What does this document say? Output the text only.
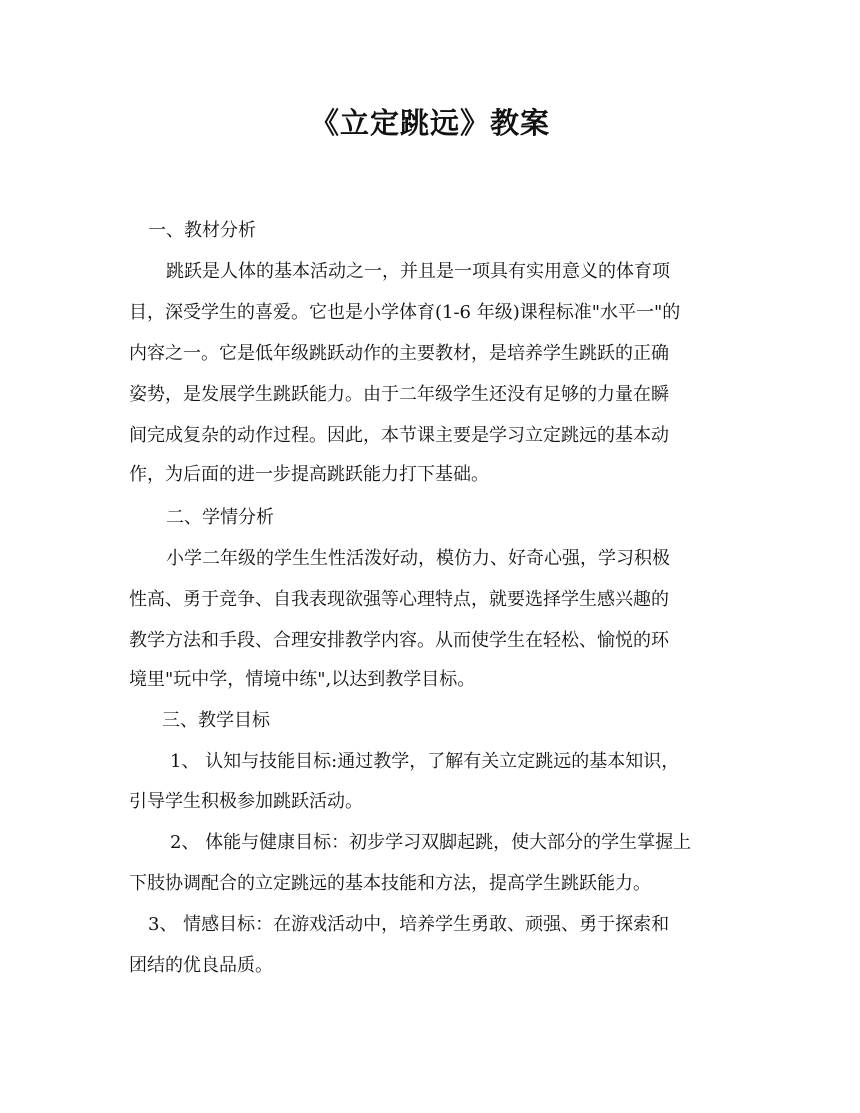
《立定跳远》教案
一、教材分析
跳跃是人体的基本活动之一，并且是一项具有实用意义的体育项
目，深受学生的喜爱。它也是小学体育(1-6 年级)课程标准"水平一"的
内容之一。它是低年级跳跃动作的主要教材，是培养学生跳跃的正确
姿势，是发展学生跳跃能力。由于二年级学生还没有足够的力量在瞬
间完成复杂的动作过程。因此，本节课主要是学习立定跳远的基本动
作，为后面的进一步提高跳跃能力打下基础。
二、学情分析
小学二年级的学生生性活泼好动，模仿力、好奇心强，学习积极
性高、勇于竞争、自我表现欲强等心理特点，就要选择学生感兴趣的
教学方法和手段、合理安排教学内容。从而使学生在轻松、愉悦的环
境里"玩中学，情境中练",以达到教学目标。
三、教学目标
1、 认知与技能目标:通过教学，了解有关立定跳远的基本知识，
引导学生积极参加跳跃活动。
2、 体能与健康目标：初步学习双脚起跳，使大部分的学生掌握上
下肢协调配合的立定跳远的基本技能和方法，提高学生跳跃能力。
3、 情感目标：在游戏活动中，培养学生勇敢、顽强、勇于探索和
团结的优良品质。
